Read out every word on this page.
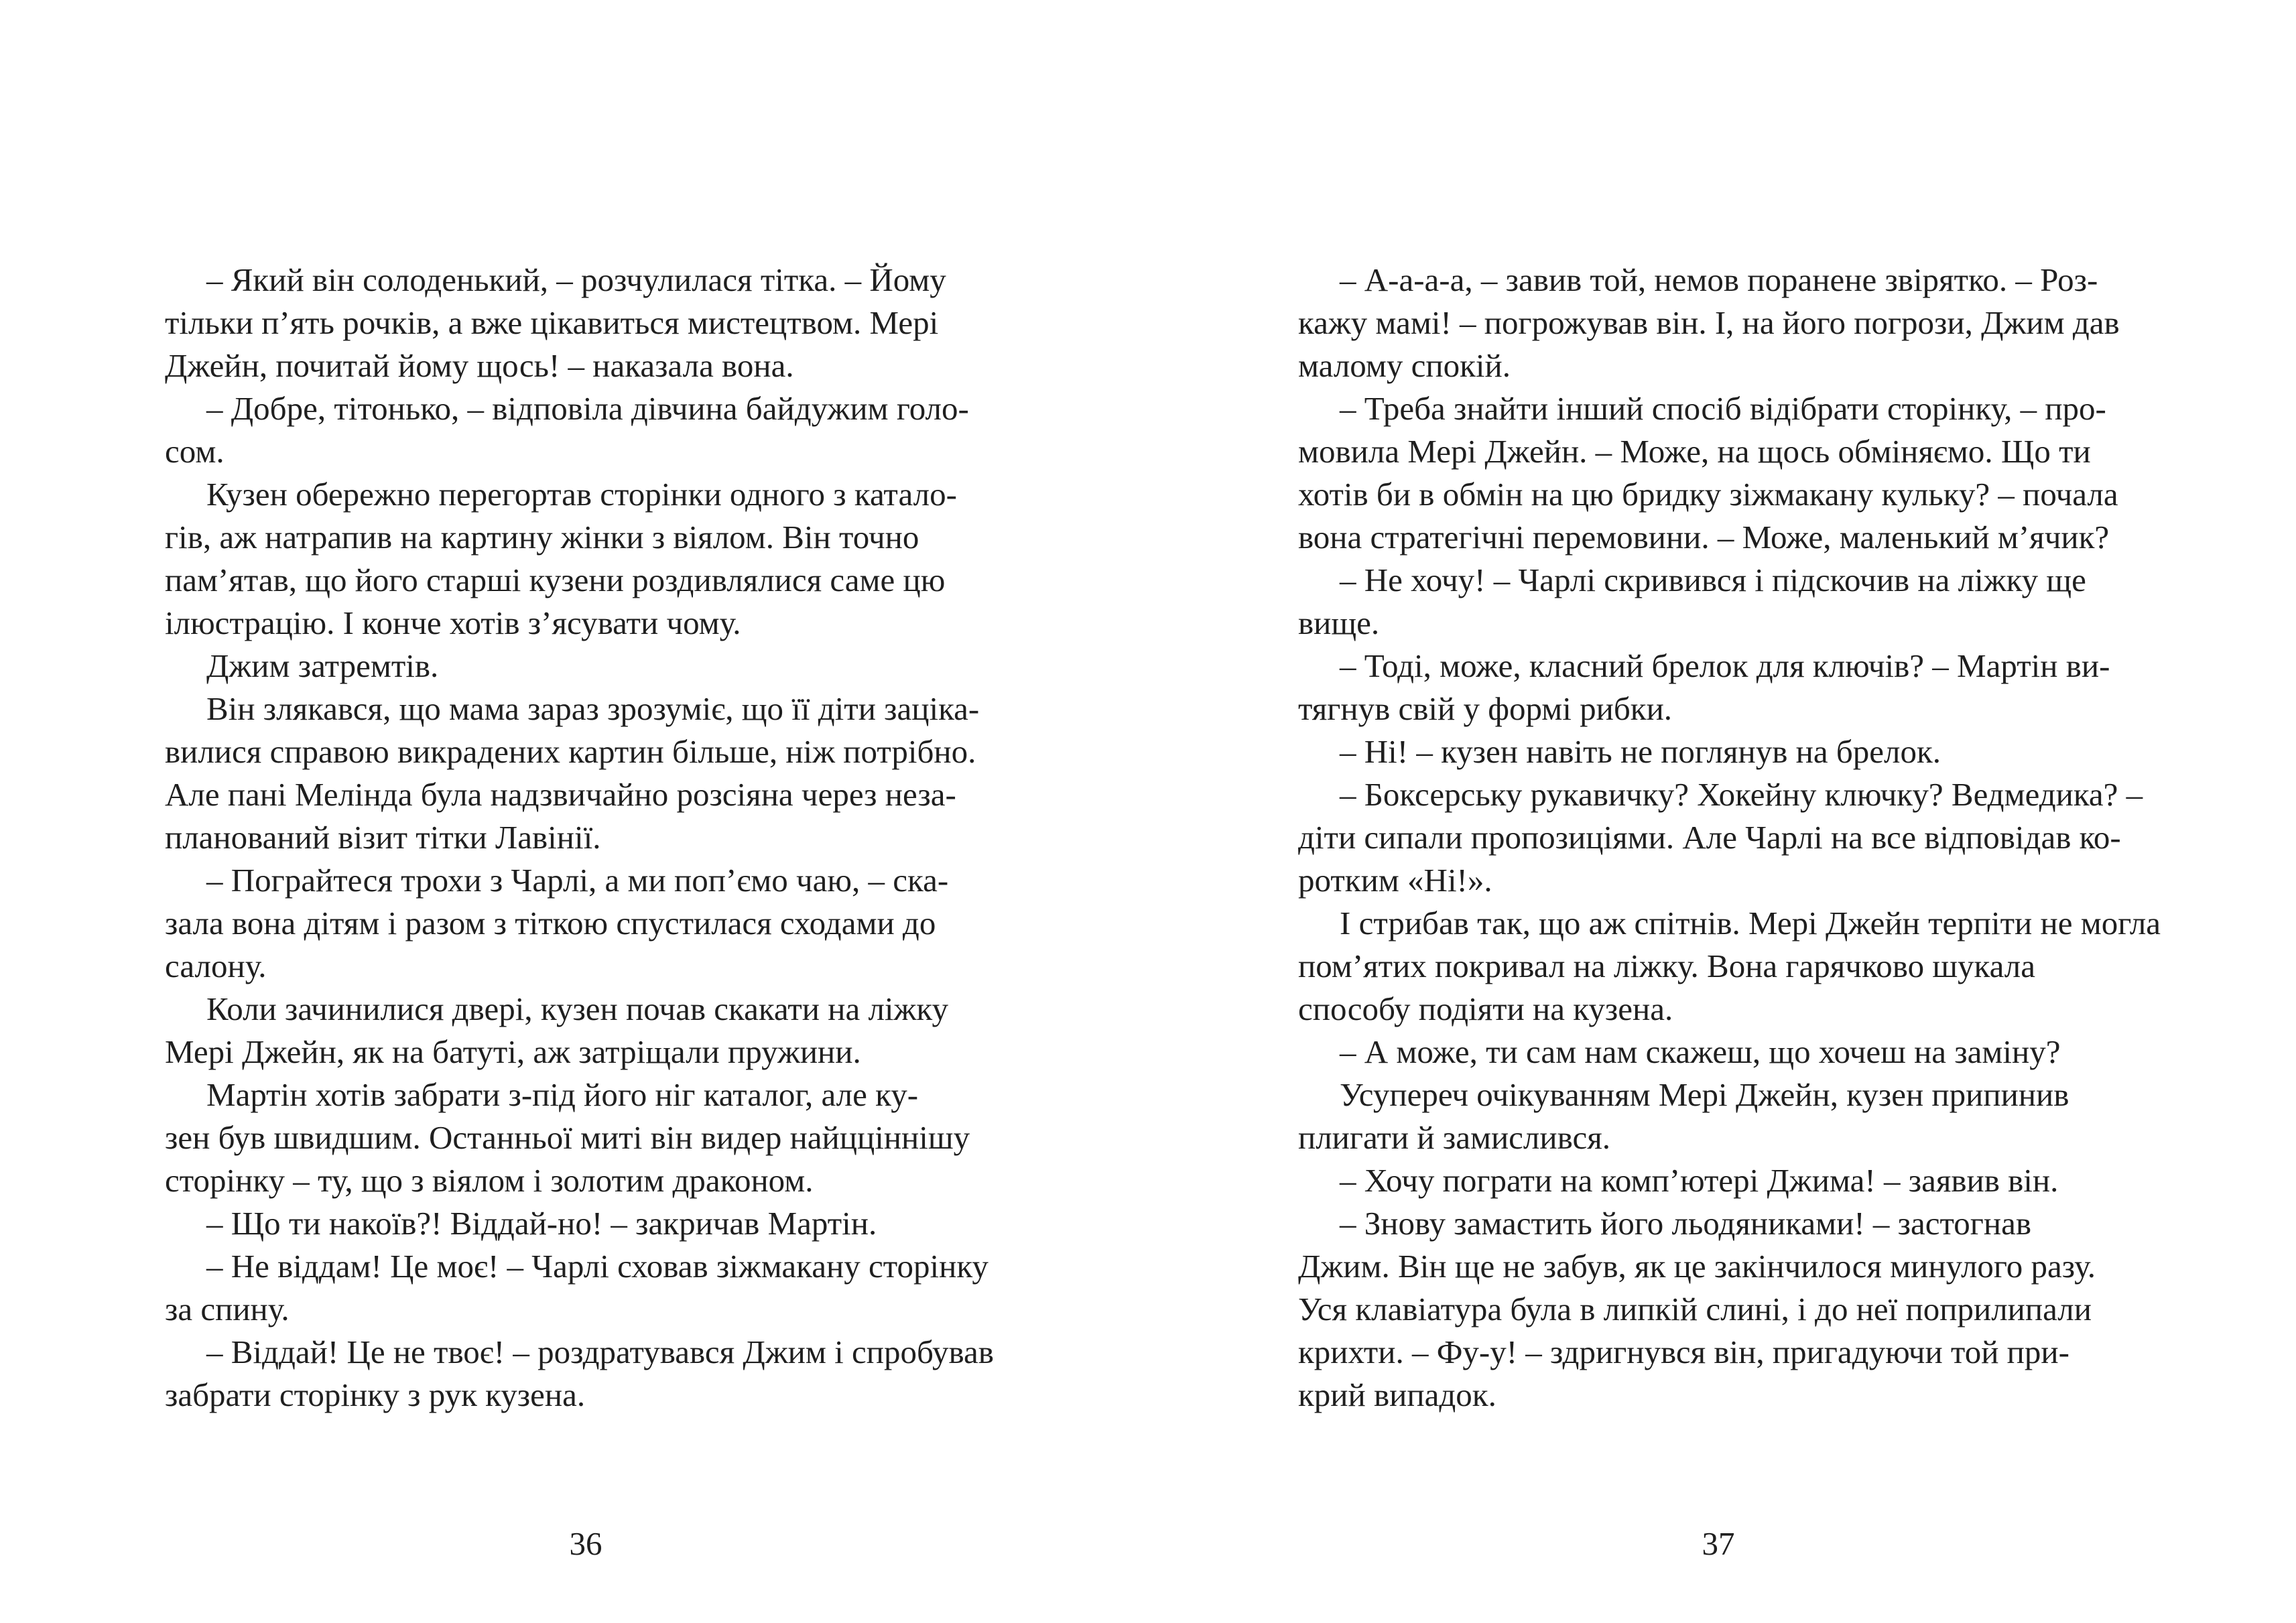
– Який він солоденький, – розчулилася тітка. – Йому
тільки п’ять рочків, а вже цікавиться мистецтвом. Мері
Джейн, почитай йому щось! – наказала вона.
– Добре, тітонько, – відповіла дівчина байдужим голо-
сом.
Кузен обережно перегортав сторінки одного з катало-
гів, аж натрапив на картину жінки з віялом. Він точно
пам’ятав, що його старші кузени роздивлялися саме цю
ілюстрацію. І конче хотів з’ясувати чому.
Джим затремтів.
Він злякався, що мама зараз зрозуміє, що її діти заціка-
вилися справою викрадених картин більше, ніж потрібно.
Але пані Мелінда була надзвичайно розсіяна через неза-
планований візит тітки Лавінії.
– Пограйтеся трохи з Чарлі, а ми поп’ємо чаю, – ска-
зала вона дітям і разом з тіткою спустилася сходами до
салону.
Коли зачинилися двері, кузен почав скакати на ліжку
Мері Джейн, як на батуті, аж затріщали пружини.
Мартін хотів забрати з-під його ніг каталог, але ку-
зен був швидшим. Останньої миті він видер найцціннішу
сторінку – ту, що з віялом і золотим драконом.
– Що ти накоїв?! Віддай-но! – закричав Мартін.
– Не віддам! Це моє! – Чарлі сховав зіжмакану сторінку
за спину.
– Віддай! Це не твоє! – роздратувався Джим і спробував
забрати сторінку з рук кузена.
36
– А-а-а-а, – завив той, немов поранене звірятко. – Роз-
кажу мамі! – погрожував він. І, на його погрози, Джим дав
малому спокій.
– Треба знайти інший спосіб відібрати сторінку, – про-
мовила Мері Джейн. – Може, на щось обміняємо. Що ти
хотів би в обмін на цю бридку зіжмакану кульку? – почала
вона стратегічні перемовини. – Може, маленький м’ячик?
– Не хочу! – Чарлі скривився і підскочив на ліжку ще
вище.
– Тоді, може, класний брелок для ключів? – Мартін ви-
тягнув свій у формі рибки.
– Ні! – кузен навіть не поглянув на брелок.
– Боксерську рукавичку? Хокейну ключку? Ведмедика? –
діти сипали пропозиціями. Але Чарлі на все відповідав ко-
ротким «Ні!».
І стрибав так, що аж спітнів. Мері Джейн терпіти не могла
пом’ятих покривал на ліжку. Вона гарячково шукала
способу подіяти на кузена.
– А може, ти сам нам скажеш, що хочеш на заміну?
Усупереч очікуванням Мері Джейн, кузен припинив
плигати й замислився.
– Хочу пограти на комп’ютері Джима! – заявив він.
– Знову замастить його льодяниками! – застогнав
Джим. Він ще не забув, як це закінчилося минулого разу.
Уся клавіатура була в липкій слині, і до неї поприлипали
крихти. – Фу-у! – здригнувся він, пригадуючи той при-
крий випадок.
37
